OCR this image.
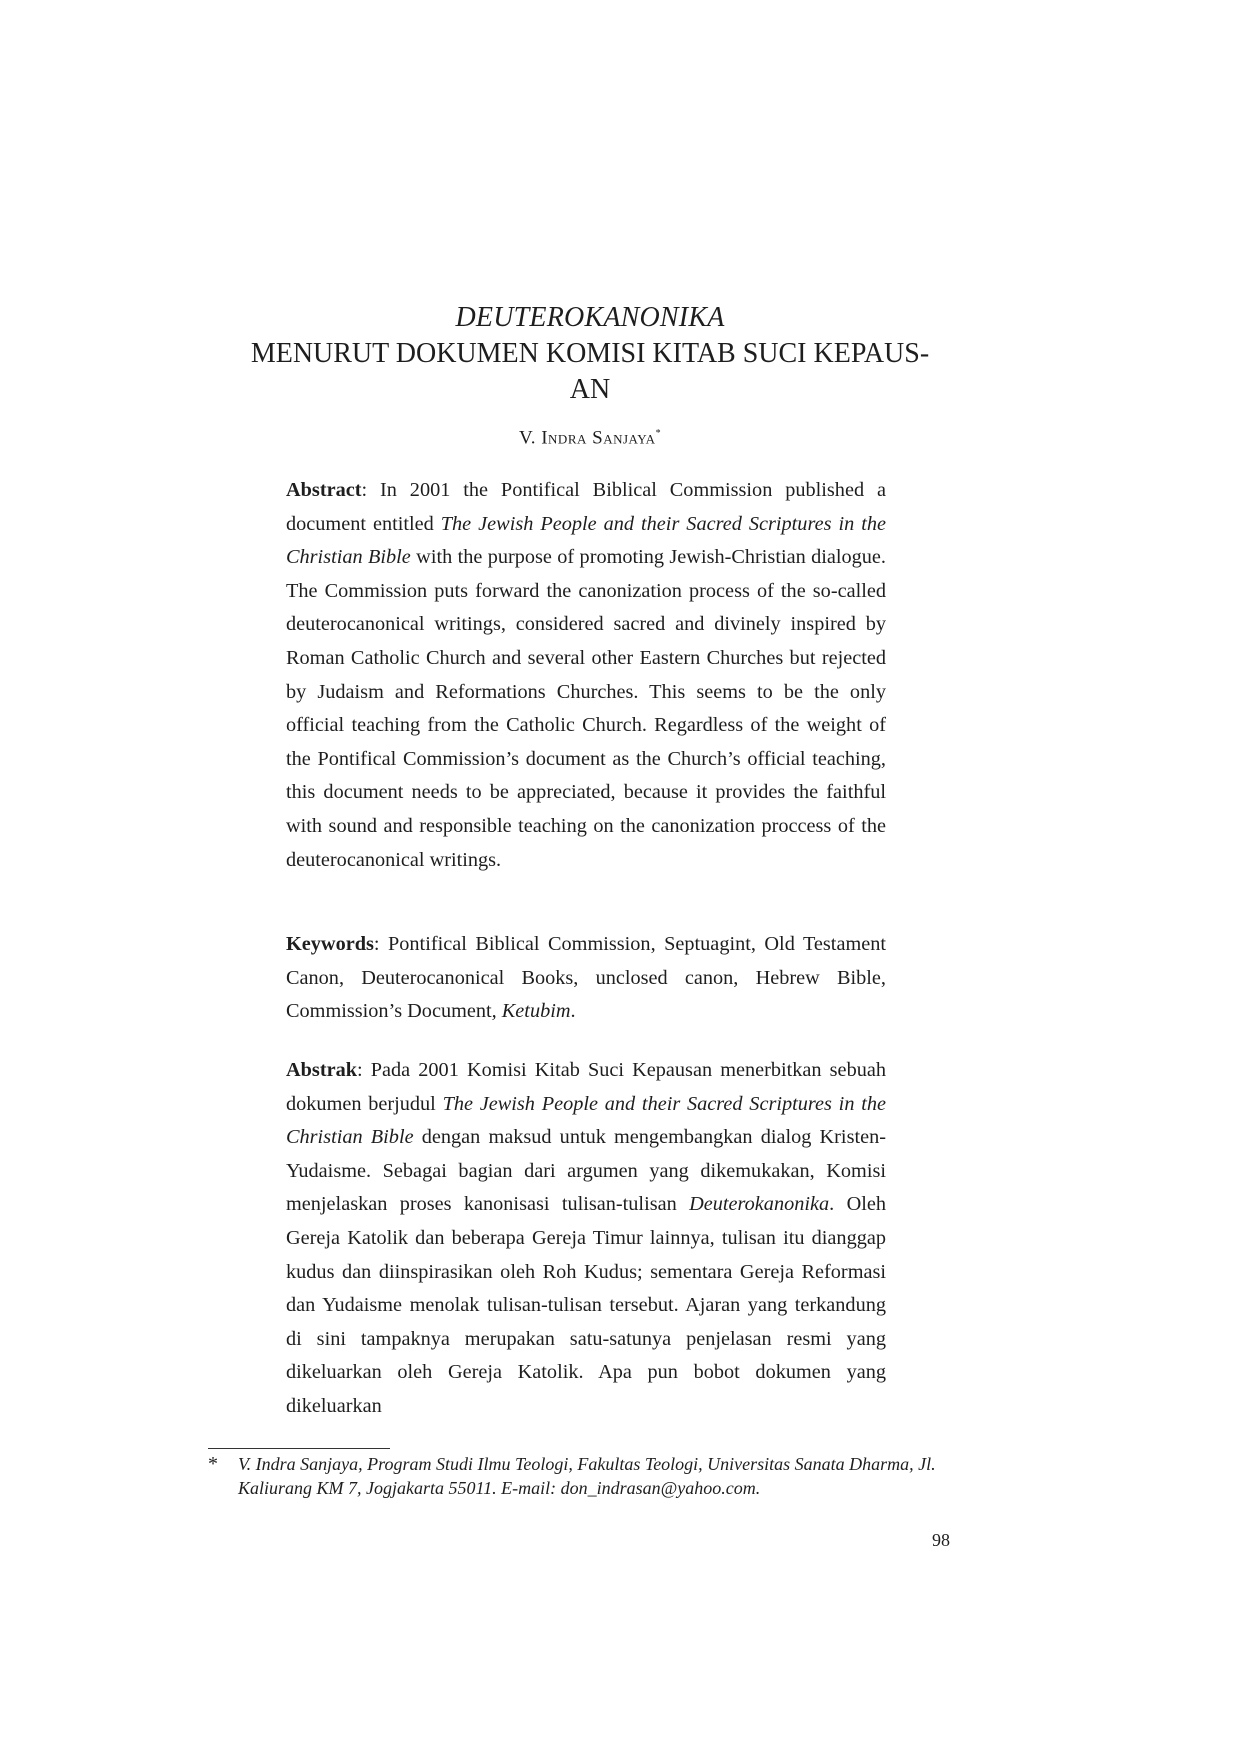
DEUTEROKANONIKA
MENURUT DOKUMEN KOMISI KITAB SUCI KEPAUS-
AN
V. Indra Sanjaya*
Abstract: In 2001 the Pontifical Biblical Commission published a document entitled The Jewish People and their Sacred Scriptures in the Christian Bible with the purpose of promoting Jewish-Christian dialogue. The Commission puts forward the canonization process of the so-called deuterocanonical writings, considered sacred and divinely inspired by Roman Catholic Church and several other Eastern Churches but rejected by Judaism and Reformations Churches. This seems to be the only official teaching from the Catholic Church. Regardless of the weight of the Pontifical Commission’s document as the Church’s official teaching, this document needs to be appreciated, because it provides the faithful with sound and responsible teaching on the canonization proccess of the deuterocanonical writings.
Keywords: Pontifical Biblical Commission, Septuagint, Old Testament Canon, Deuterocanonical Books, unclosed canon, Hebrew Bible, Commission’s Document, Ketubim.
Abstrak: Pada 2001 Komisi Kitab Suci Kepausan menerbitkan sebuah dokumen berjudul The Jewish People and their Sacred Scriptures in the Christian Bible dengan maksud untuk mengembangkan dialog Kristen-Yudaisme. Sebagai bagian dari argumen yang dikemukakan, Komisi menjelaskan proses kanonisasi tulisan-tulisan Deuterokanonika. Oleh Gereja Katolik dan beberapa Gereja Timur lainnya, tulisan itu dianggap kudus dan diinspirasikan oleh Roh Kudus; sementara Gereja Reformasi dan Yudaisme menolak tulisan-tulisan tersebut. Ajaran yang terkandung di sini tampaknya merupakan satu-satunya penjelasan resmi yang dikeluarkan oleh Gereja Katolik. Apa pun bobot dokumen yang dikeluarkan
* V. Indra Sanjaya, Program Studi Ilmu Teologi, Fakultas Teologi, Universitas Sanata Dharma, Jl. Kaliurang KM 7, Jogjakarta 55011. E-mail: don_indrasan@yahoo.com.
98
